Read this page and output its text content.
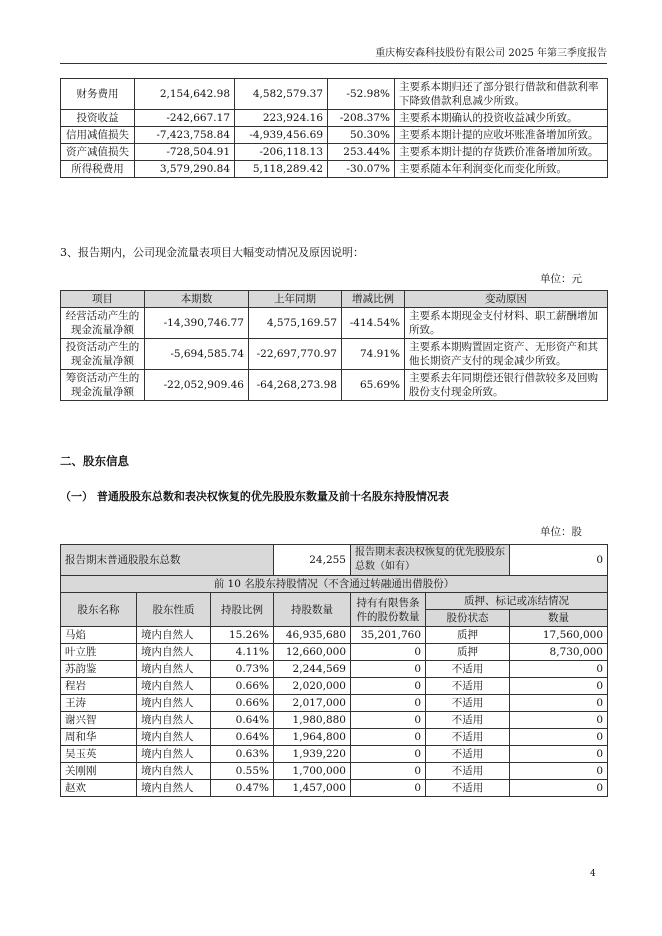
重庆梅安森科技股份有限公司 2025 年第三季度报告
财务费用	2,154,642.98	4,582,579.37	-52.98%	主要系本期归还了部分银行借款和借款利率下降致借款利息减少所致。
投资收益	-242,667.17	223,924.16	-208.37%	主要系本期确认的投资收益减少所致。
信用减值损失	-7,423,758.84	-4,939,456.69	50.30%	主要系本期计提的应收坏账准备增加所致。
资产减值损失	-728,504.91	-206,118.13	253.44%	主要系本期计提的存货跌价准备增加所致。
所得税费用	3,579,290.84	5,118,289.42	-30.07%	主要系随本年利润变化而变化所致。
3、报告期内，公司现金流量表项目大幅变动情况及原因说明：
单位：元
项目	本期数	上年同期	增减比例	变动原因
经营活动产生的现金流量净额	-14,390,746.77	4,575,169.57	-414.54%	主要系本期现金支付材料、职工薪酬增加所致。
投资活动产生的现金流量净额	-5,694,585.74	-22,697,770.97	74.91%	主要系本期购置固定资产、无形资产和其他长期资产支付的现金减少所致。
筹资活动产生的现金流量净额	-22,052,909.46	-64,268,273.98	65.69%	主要系去年同期偿还银行借款较多及回购股份支付现金所致。
二、股东信息
（一） 普通股股东总数和表决权恢复的优先股股东数量及前十名股东持股情况表
单位：股
报告期末普通股股东总数			24,255	报告期末表决权恢复的优先股股东总数（如有）		0
前 10 名股东持股情况（不含通过转融通出借股份）						
股东名称	股东性质	持股比例	持股数量	持有有限售条件的股份数量	质押、标记或冻结情况	
					股份状态	数量
马焰	境内自然人	15.26%	46,935,680	35,201,760	质押	17,560,000
叶立胜	境内自然人	4.11%	12,660,000	0	质押	8,730,000
苏韵鉴	境内自然人	0.73%	2,244,569	0	不适用	0
程岩	境内自然人	0.66%	2,020,000	0	不适用	0
王涛	境内自然人	0.66%	2,017,000	0	不适用	0
谢兴智	境内自然人	0.64%	1,980,880	0	不适用	0
周和华	境内自然人	0.64%	1,964,800	0	不适用	0
吴玉英	境内自然人	0.63%	1,939,220	0	不适用	0
关刚刚	境内自然人	0.55%	1,700,000	0	不适用	0
赵欢	境内自然人	0.47%	1,457,000	0	不适用	0
4
